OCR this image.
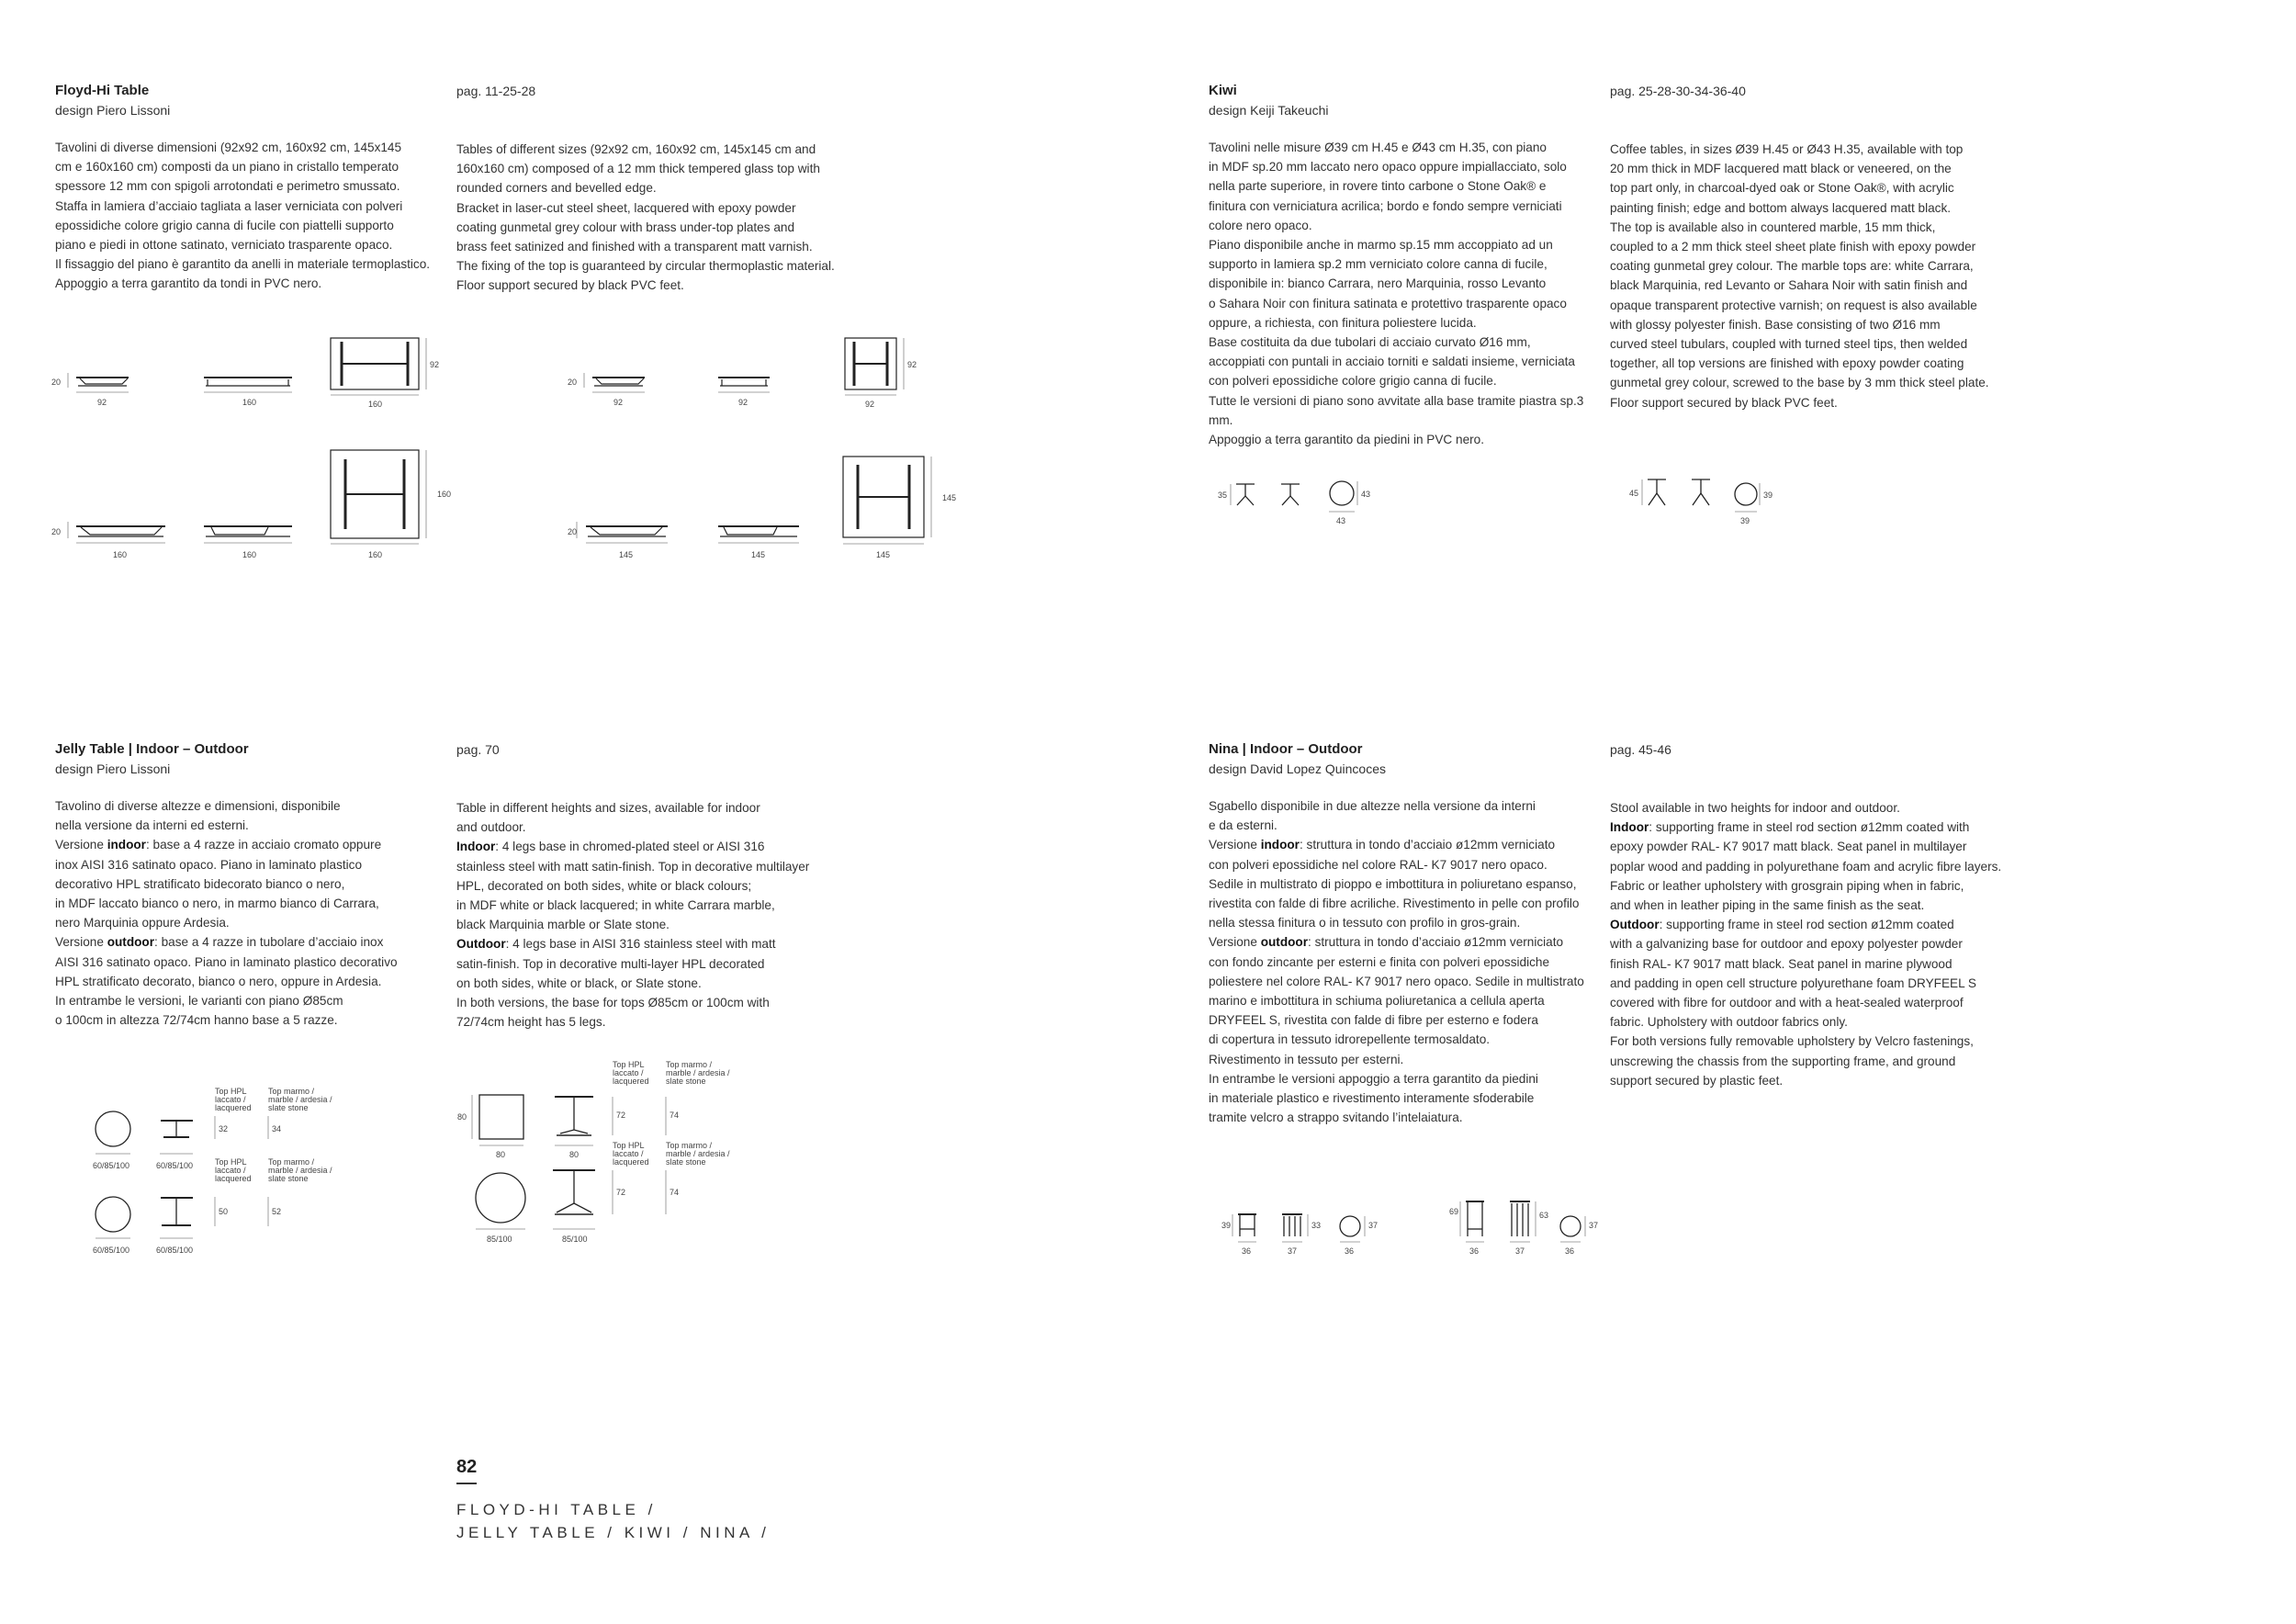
Floyd-Hi Table
design Piero Lissoni

Tavolini di diverse dimensioni (92x92 cm, 160x92 cm, 145x145

cm e 160x160 cm) composti da un piano in cristallo temperato

spessore 12 mm con spigoli arrotondati e perimetro smussato.

Staffa in lamiera d’acciaio tagliata a laser verniciata con polveri

epossidiche colore grigio canna di fucile con piattelli supporto

piano e piedi in ottone satinato, verniciato trasparente opaco.

Il fissaggio del piano è garantito da anelli in materiale termoplastico.

Appoggio a terra garantito da tondi in PVC nero.

pag. 11-25-28

Tables of different sizes (92x92 cm, 160x92 cm, 145x145 cm and

160x160 cm) composed of a 12 mm thick tempered glass top with

rounded corners and bevelled edge.

Bracket in laser-cut steel sheet, lacquered with epoxy powder

coating gunmetal grey colour with brass under-top plates and

brass feet satinized and finished with a transparent matt varnish.

The fixing of the top is guaranteed by circular thermoplastic material.

Floor support secured by black PVC feet.

20
92	160	160
92
20
92	92	92
92
20
160	160	160
160
20
145	145	145
145
Kiwi
design Keiji Takeuchi

Tavolini nelle misure Ø39 cm H.45 e Ø43 cm H.35, con piano

in MDF sp.20 mm laccato nero opaco oppure impiallacciato, solo

nella parte superiore, in rovere tinto carbone o Stone Oak® e

finitura con verniciatura acrilica; bordo e fondo sempre verniciati

colore nero opaco.

Piano disponibile anche in marmo sp.15 mm accoppiato ad un

supporto in lamiera sp.2 mm verniciato colore canna di fucile,

disponibile in: bianco Carrara, nero Marquinia, rosso Levanto

o Sahara Noir con finitura satinata e protettivo trasparente opaco

oppure, a richiesta, con finitura poliestere lucida.

Base costituita da due tubolari di acciaio curvato Ø16 mm,

accoppiati con puntali in acciaio torniti e saldati insieme, verniciata

con polveri epossidiche colore grigio canna di fucile.

Tutte le versioni di piano sono avvitate alla base tramite piastra sp.3 mm.

Appoggio a terra garantito da piedini in PVC nero.

pag. 25-28-30-34-36-40

Coffee tables, in sizes Ø39 H.45 or Ø43 H.35, available with top

20 mm thick in MDF lacquered matt black or veneered, on the

top part only, in charcoal-dyed oak or Stone Oak®, with acrylic

painting finish; edge and bottom always lacquered matt black.

The top is available also in countered marble, 15 mm thick,

coupled to a 2 mm thick steel sheet plate finish with epoxy powder

coating gunmetal grey colour. The marble tops are: white Carrara,

black Marquinia, red Levanto or Sahara Noir with satin finish and

opaque transparent protective varnish; on request is also available

with glossy polyester finish. Base consisting of two Ø16 mm

curved steel tubulars, coupled with turned steel tips, then welded

together, all top versions are finished with epoxy powder coating

gunmetal grey colour, screwed to the base by 3 mm thick steel plate.

Floor support secured by black PVC feet.

35	43
43
45	39
39
Jelly Table | Indoor – Outdoor
design Piero Lissoni

Tavolino di diverse altezze e dimensioni, disponibile

nella versione da interni ed esterni.

Versione indoor: base a 4 razze in acciaio cromato oppure

inox AISI 316 satinato opaco. Piano in laminato plastico

decorativo HPL stratificato bidecorato bianco o nero,

in MDF laccato bianco o nero, in marmo bianco di Carrara,

nero Marquinia oppure Ardesia.

Versione outdoor: base a 4 razze in tubolare d’acciaio inox

AISI 316 satinato opaco. Piano in laminato plastico decorativo

HPL stratificato decorato, bianco o nero, oppure in Ardesia.

In entrambe le versioni, le varianti con piano Ø85cm

o 100cm in altezza 72/74cm hanno base a 5 razze.

pag. 70

Table in different heights and sizes, available for indoor

and outdoor.

Indoor: 4 legs base in chromed-plated steel or AISI 316

stainless steel with matt satin-finish. Top in decorative multilayer

HPL, decorated on both sides, white or black colours;

in MDF white or black lacquered; in white Carrara marble,

black Marquinia marble or Slate stone.

Outdoor: 4 legs base in AISI 316 stainless steel with matt

satin-finish. Top in decorative multi-layer HPL decorated

on both sides, white or black, or Slate stone.

In both versions, the base for tops Ø85cm or 100cm with

72/74cm height has 5 legs.

60/85/100	60/85/100
60/85/100	60/85/100
Top HPL
laccato /
lacquered
Top marmo /
marble / ardesia /
slate stone
32	34
Top HPL
laccato /
lacquered
Top marmo /
marble / ardesia /
slate stone
50	52
80
80	80
85/100	85/100
Top HPL
laccato /
lacquered
Top marmo /
marble / ardesia /
slate stone
72	74
Top HPL
laccato /
lacquered
Top marmo /
marble / ardesia /
slate stone
72	74
Nina | Indoor – Outdoor
design David Lopez Quincoces

Sgabello disponibile in due altezze nella versione da interni

e da esterni.

Versione indoor: struttura in tondo d’acciaio ø12mm verniciato

con polveri epossidiche nel colore RAL- K7 9017 nero opaco.

Sedile in multistrato di pioppo e imbottitura in poliuretano espanso,

rivestita con falde di fibre acriliche. Rivestimento in pelle con profilo

nella stessa finitura o in tessuto con profilo in gros-grain.

Versione outdoor: struttura in tondo d’acciaio ø12mm verniciato

con fondo zincante per esterni e finita con polveri epossidiche

poliestere nel colore RAL- K7 9017 nero opaco. Sedile in multistrato

marino e imbottitura in schiuma poliuretanica a cellula aperta

DRYFEEL S, rivestita con falde di fibre per esterno e fodera

di copertura in tessuto idrorepellente termosaldato.

Rivestimento in tessuto per esterni.

In entrambe le versioni appoggio a terra garantito da piedini

in materiale plastico e rivestimento interamente sfoderabile

tramite velcro a strappo svitando l’intelaiatura.

pag. 45-46

Stool available in two heights for indoor and outdoor.

Indoor: supporting frame in steel rod section ø12mm coated with

epoxy powder RAL- K7 9017 matt black. Seat panel in multilayer

poplar wood and padding in polyurethane foam and acrylic fibre layers.

Fabric or leather upholstery with grosgrain piping when in fabric,

and when in leather piping in the same finish as the seat.

Outdoor: supporting frame in steel rod section ø12mm coated

with a galvanizing base for outdoor and epoxy polyester powder

finish RAL- K7 9017 matt black. Seat panel in marine plywood

and padding in open cell structure polyurethane foam DRYFEEL S

covered with fibre for outdoor and with a heat-sealed waterproof

fabric. Upholstery with outdoor fabrics only.

For both versions fully removable upholstery by Velcro fastenings,

unscrewing the chassis from the supporting frame, and ground

support secured by plastic feet.

39
36	37
33
36
37
69
36	37
63
36
37
82
FLOYD-HI TABLE /
JELLY TABLE / KIWI / NINA /
